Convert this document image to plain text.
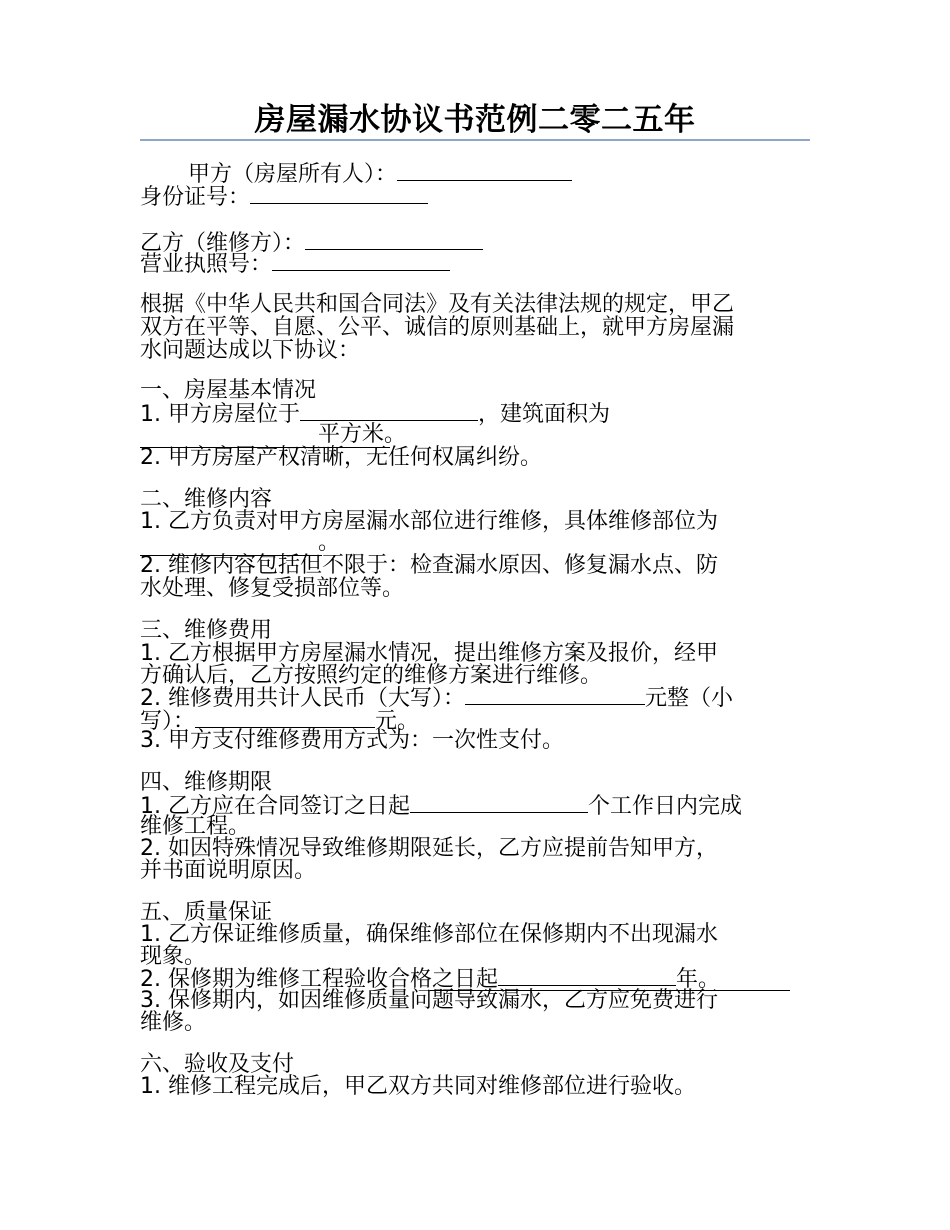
房屋漏水协议书范例二零二五年
甲方（房屋所有人）：
身份证号：
乙方（维修方）：
营业执照号：
根据《中华人民共和国合同法》及有关法律法规的规定，甲乙
双方在平等、自愿、公平、诚信的原则基础上，就甲方房屋漏
水问题达成以下协议：
一、房屋基本情况
1. 甲方房屋位于	，建筑面积为
平方米。
2. 甲方房屋产权清晰，无任何权属纠纷。
二、维修内容
1. 乙方负责对甲方房屋漏水部位进行维修，具体维修部位为
。
2. 维修内容包括但不限于：检查漏水原因、修复漏水点、防
水处理、修复受损部位等。
三、维修费用
1. 乙方根据甲方房屋漏水情况，提出维修方案及报价，经甲
方确认后，乙方按照约定的维修方案进行维修。
2. 维修费用共计人民币（大写）：	元整（小
写）：	元。
3. 甲方支付维修费用方式为：一次性支付。
四、维修期限
1. 乙方应在合同签订之日起	个工作日内完成
维修工程。
2. 如因特殊情况导致维修期限延长，乙方应提前告知甲方，
并书面说明原因。
五、质量保证
1. 乙方保证维修质量，确保维修部位在保修期内不出现漏水
现象。
2. 保修期为维修工程验收合格之日起	年。
3. 保修期内，如因维修质量问题导致漏水，乙方应免费进行
维修。
六、验收及支付
1. 维修工程完成后，甲乙双方共同对维修部位进行验收。
